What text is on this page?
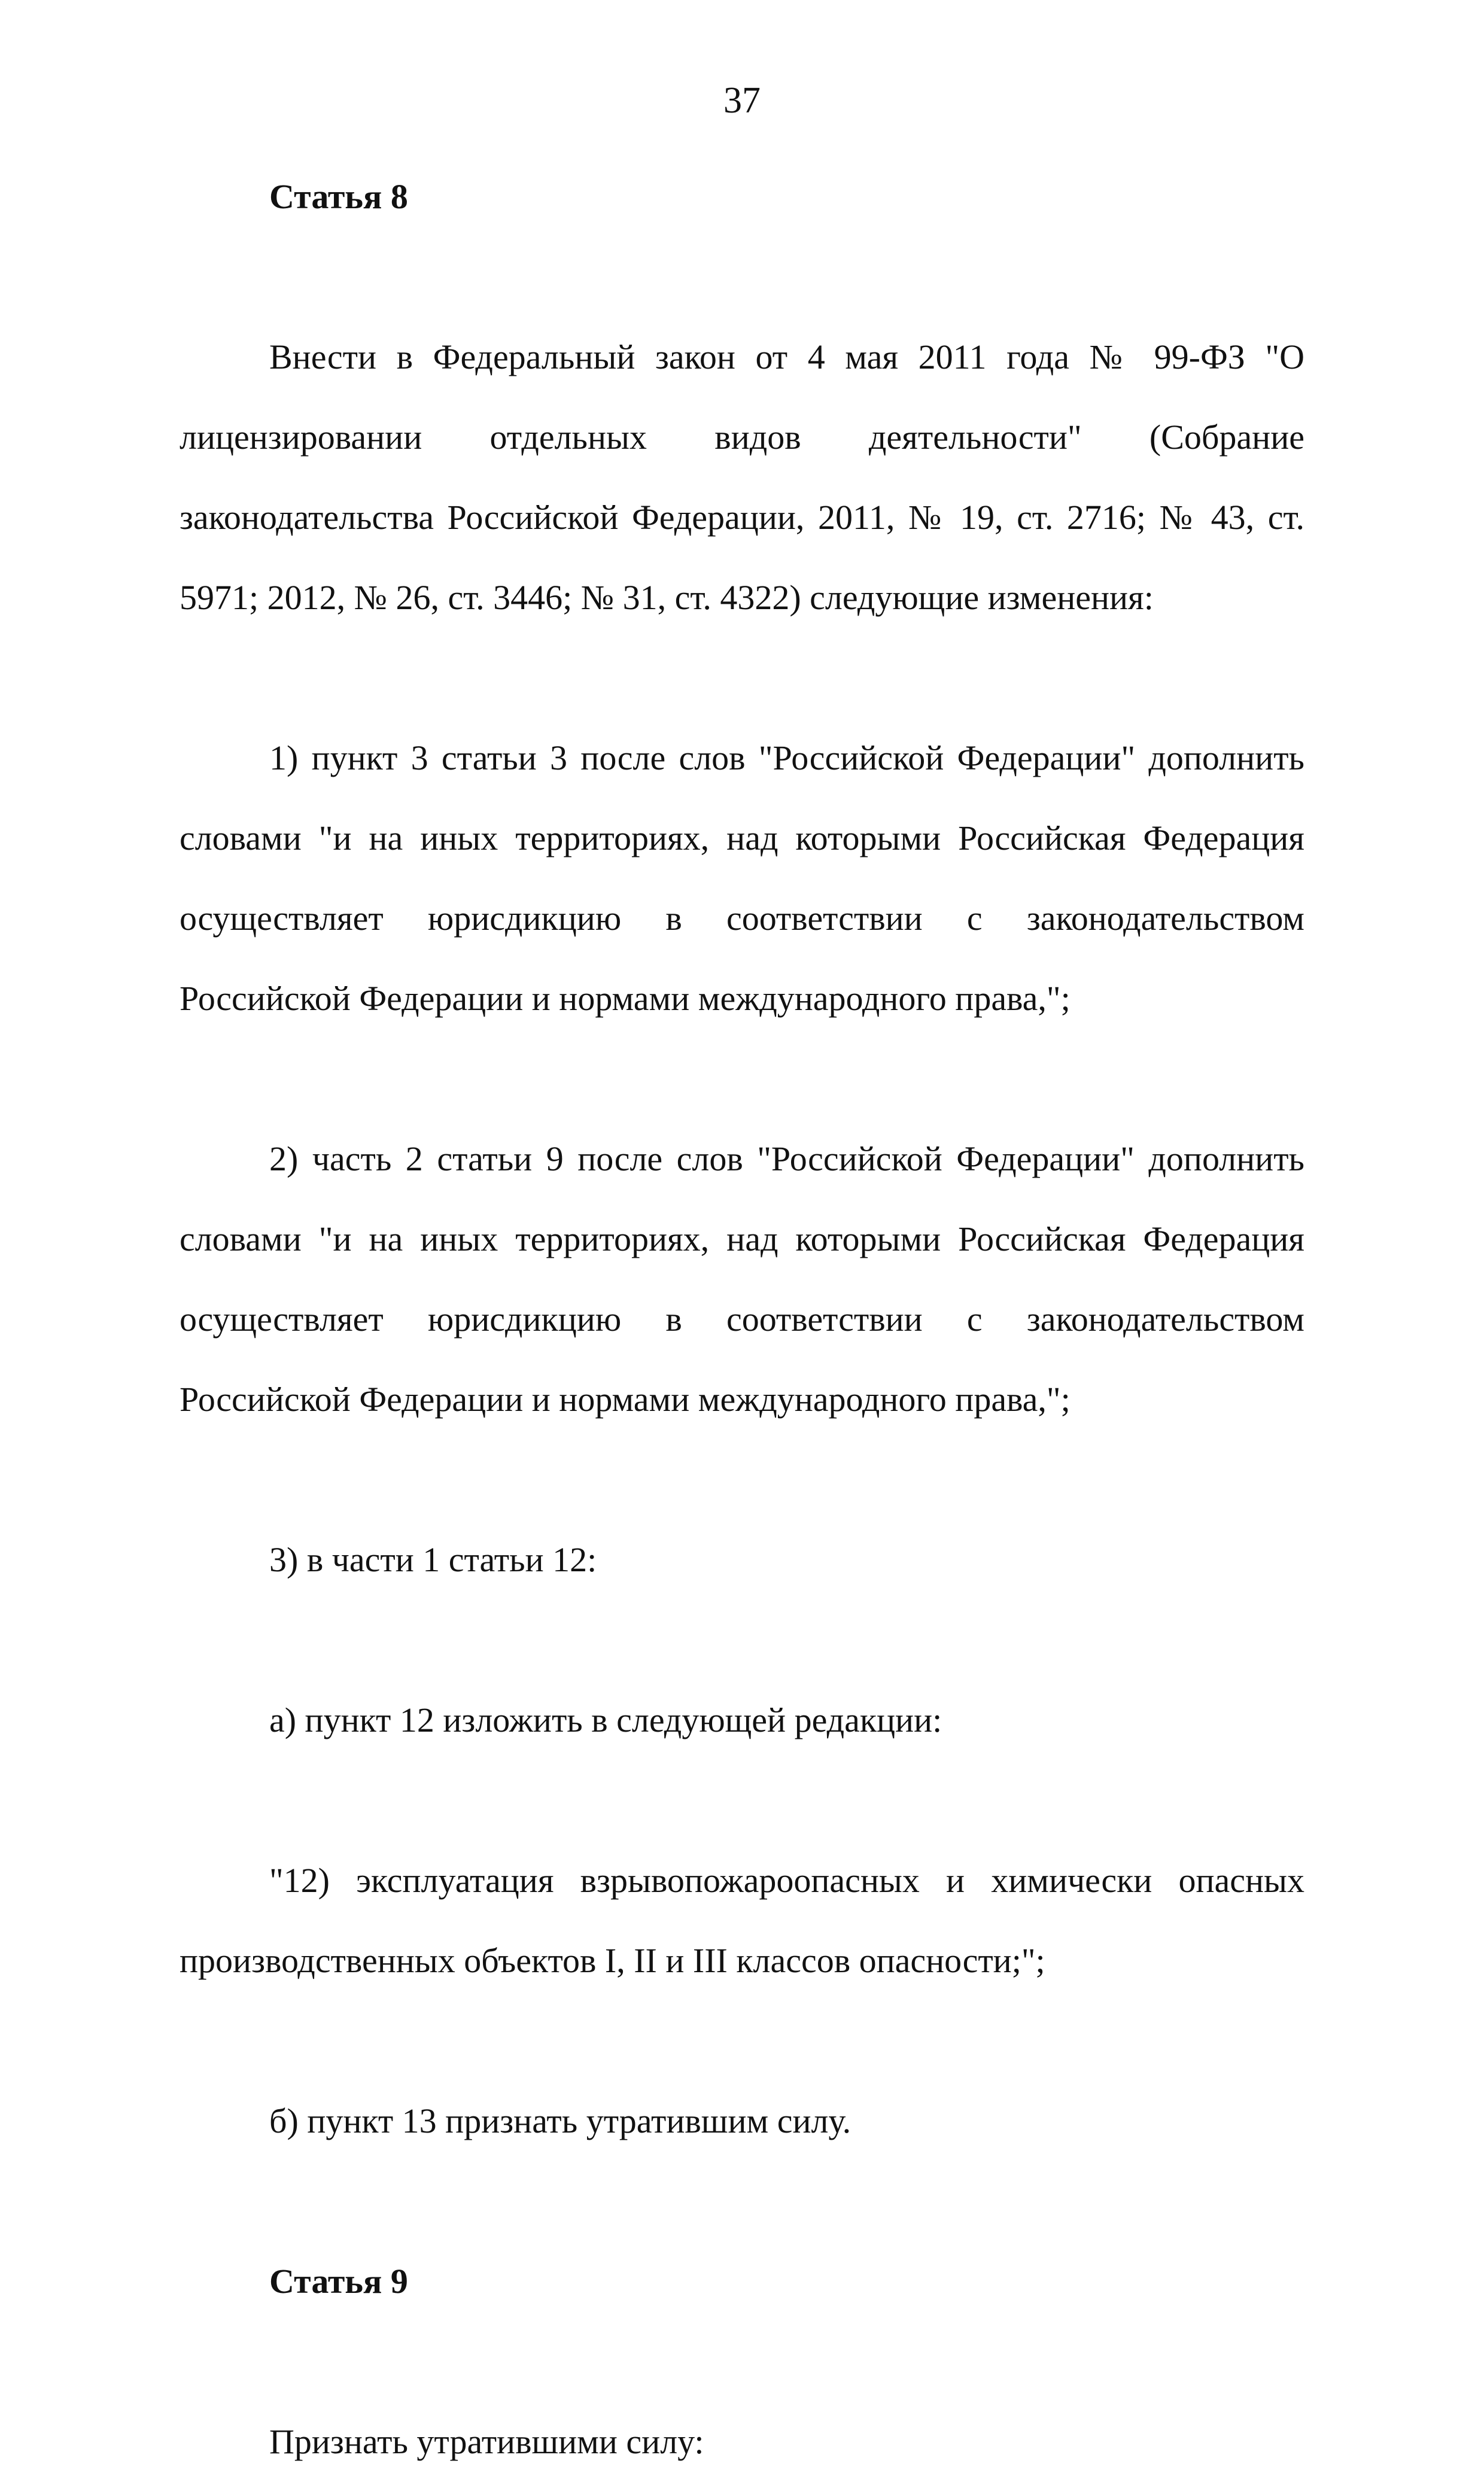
37

Статья 8

Внести в Федеральный закон от 4 мая 2011 года № 99-ФЗ "О лицензировании отдельных видов деятельности" (Собрание законодательства Российской Федерации, 2011, № 19, ст. 2716; № 43, ст. 5971; 2012, № 26, ст. 3446; № 31, ст. 4322) следующие изменения:

1) пункт 3 статьи 3 после слов "Российской Федерации" дополнить словами "и на иных территориях, над которыми Российская Федерация осуществляет юрисдикцию в соответствии с законодательством Российской Федерации и нормами международного права,";

2) часть 2 статьи 9 после слов "Российской Федерации" дополнить словами "и на иных территориях, над которыми Российская Федерация осуществляет юрисдикцию в соответствии с законодательством Российской Федерации и нормами международного права,";

3) в части 1 статьи 12:

а) пункт 12 изложить в следующей редакции:

"12) эксплуатация взрывопожароопасных и химически опасных производственных объектов I, II и III классов опасности;";

б) пункт 13 признать утратившим силу.

Статья 9

Признать утратившими силу:
